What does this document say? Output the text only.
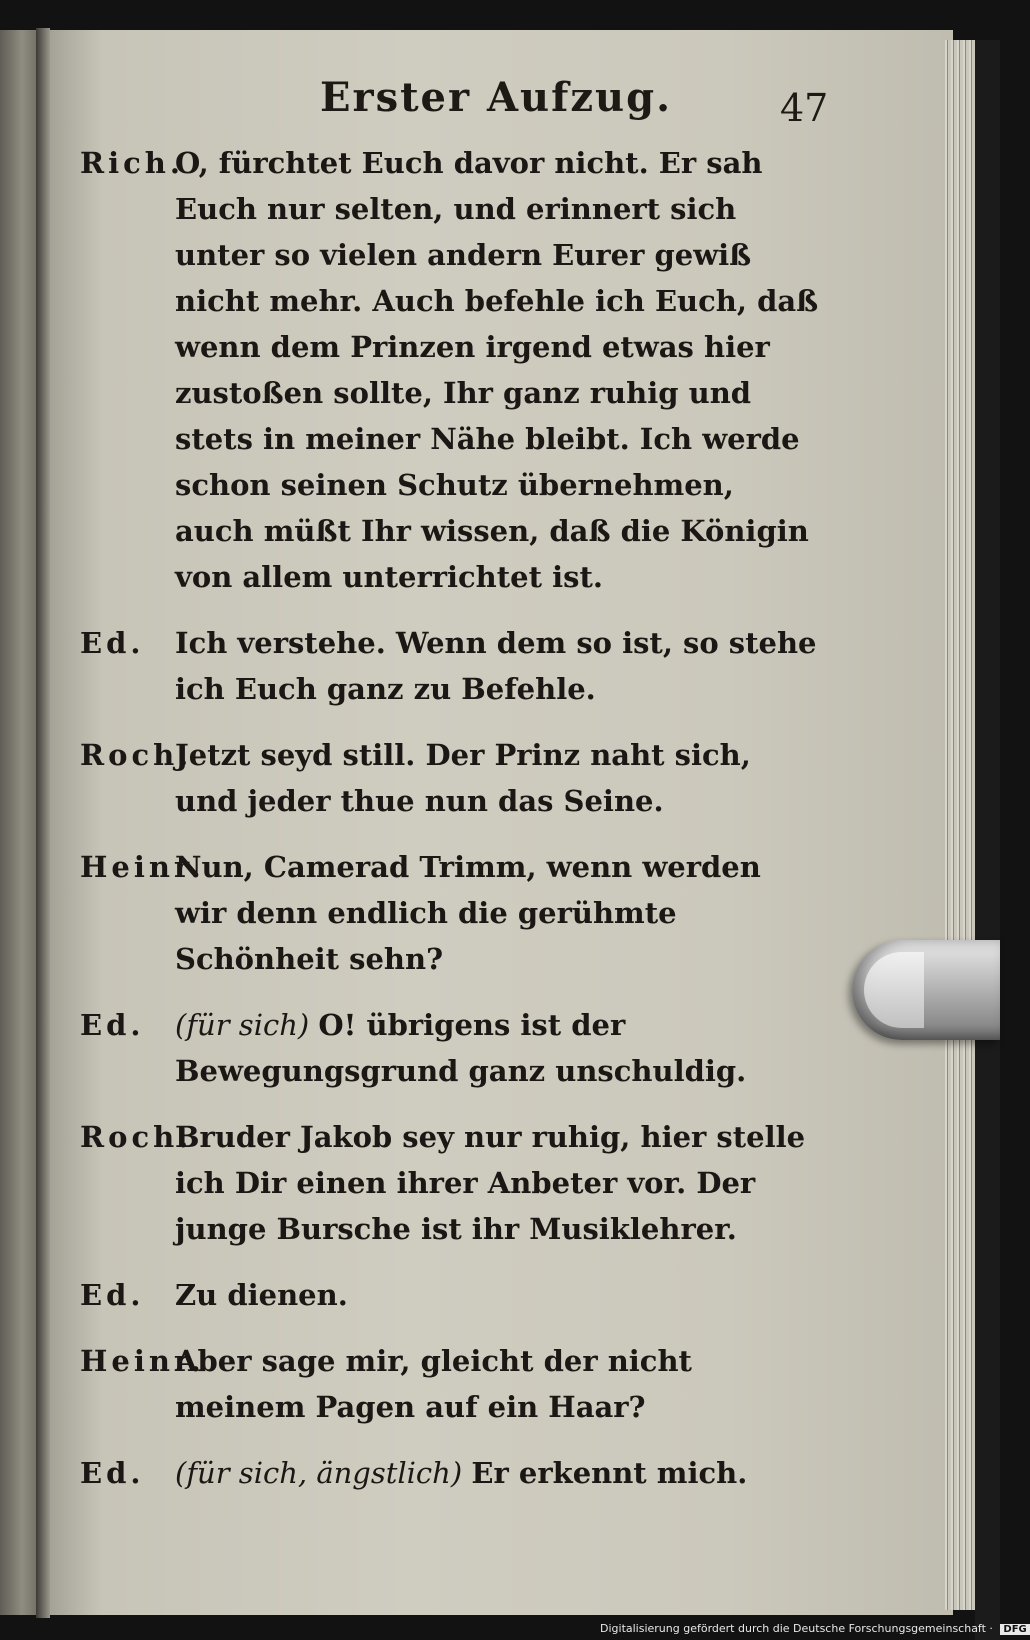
Erster Aufzug.	47

Rich.
O, fürchtet Euch davor nicht. Er sah Euch nur selten, und erinnert sich unter so vielen andern Eurer gewiß nicht mehr. Auch befehle ich Euch, daß wenn dem Prinzen irgend etwas hier zustoßen sollte, Ihr ganz ruhig und stets in meiner Nähe bleibt. Ich werde schon seinen Schutz übernehmen, auch müßt Ihr wissen, daß die Königin von allem unterrichtet ist.

Ed. Ich verstehe. Wenn dem so ist, so stehe ich Euch ganz zu Befehle.

Roch.
Jetzt seyd still. Der Prinz naht sich, und jeder thue nun das Seine.

Heinr.
Nun, Camerad Trimm, wenn werden wir denn endlich die gerühmte Schönheit sehn?

Ed. (für sich) O! übrigens ist der Bewegungsgrund ganz unschuldig.

Roch.
Bruder Jakob sey nur ruhig, hier stelle ich Dir einen ihrer Anbeter vor. Der junge Bursche ist ihr Musiklehrer.

Ed. Zu dienen.

Heinr.
Aber sage mir, gleicht der nicht meinem Pagen auf ein Haar?

Ed. (für sich, ängstlich) Er erkennt mich.

Digitalisierung gefördert durch die Deutsche Forschungsgemeinschaft · DFG
